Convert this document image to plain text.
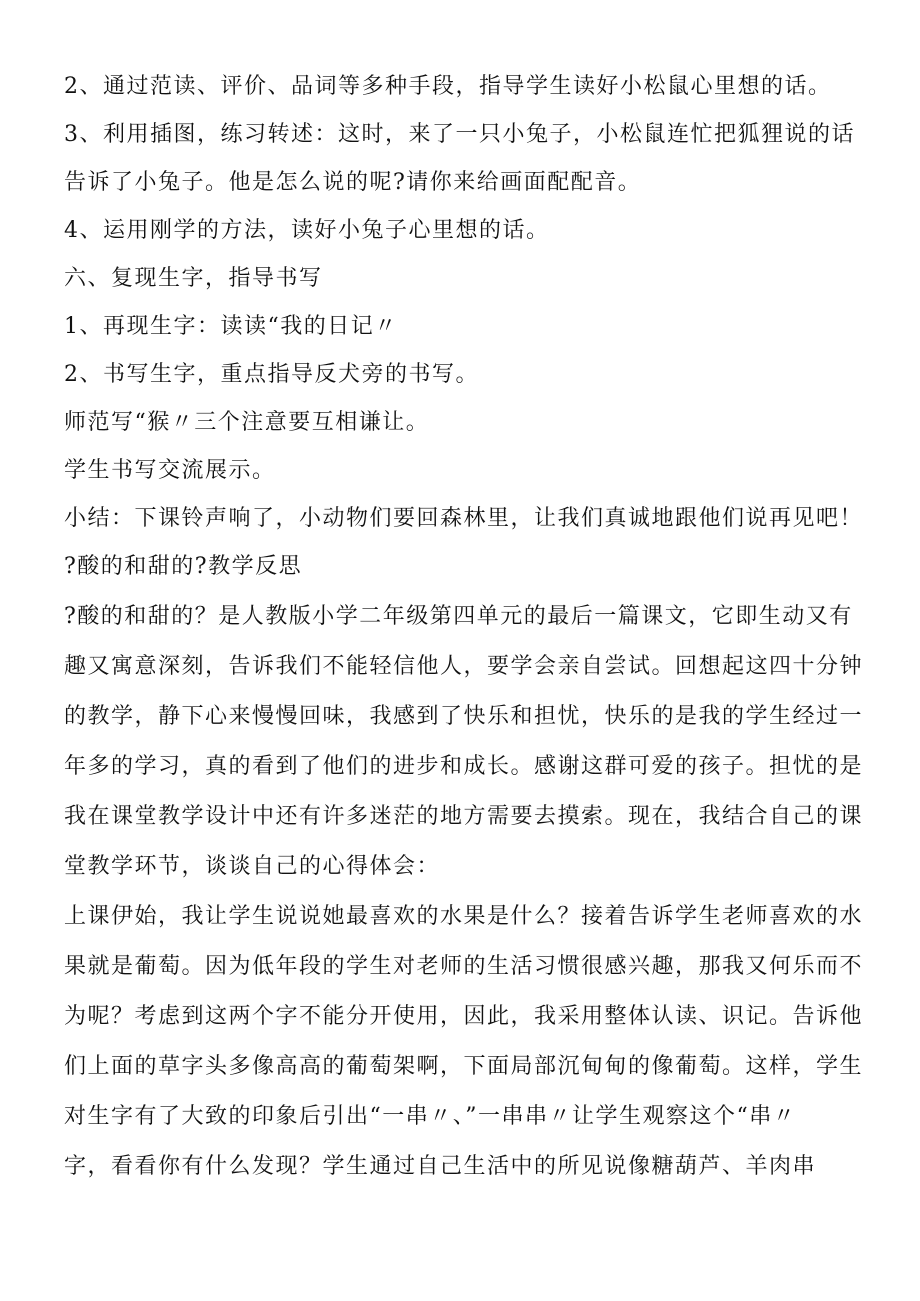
2、通过范读、评价、品词等多种手段，指导学生读好小松鼠心里想的话。
3、利用插图，练习转述：这时，来了一只小兔子，小松鼠连忙把狐狸说的话
告诉了小兔子。他是怎么说的呢?请你来给画面配配音。
4、运用刚学的方法，读好小兔子心里想的话。
六、复现生字，指导书写
1、再现生字：读读“我的日记〃
2、书写生字，重点指导反犬旁的书写。
师范写“猴〃三个注意要互相谦让。
学生书写交流展示。
小结：下课铃声响了，小动物们要回森林里，让我们真诚地跟他们说再见吧！
?酸的和甜的?教学反思
?酸的和甜的？是人教版小学二年级第四单元的最后一篇课文，它即生动又有
趣又寓意深刻，告诉我们不能轻信他人，要学会亲自尝试。回想起这四十分钟
的教学，静下心来慢慢回味，我感到了快乐和担忧，快乐的是我的学生经过一
年多的学习，真的看到了他们的进步和成长。感谢这群可爱的孩子。担忧的是
我在课堂教学设计中还有许多迷茫的地方需要去摸索。现在，我结合自己的课
堂教学环节，谈谈自己的心得体会：
上课伊始，我让学生说说她最喜欢的水果是什么？接着告诉学生老师喜欢的水
果就是葡萄。因为低年段的学生对老师的生活习惯很感兴趣，那我又何乐而不
为呢？考虑到这两个字不能分开使用，因此，我采用整体认读、识记。告诉他
们上面的草字头多像高高的葡萄架啊，下面局部沉甸甸的像葡萄。这样，学生
对生字有了大致的印象后引出“一串〃、”一串串〃让学生观察这个“串〃
字，看看你有什么发现？学生通过自己生活中的所见说像糖葫芦、羊肉串
